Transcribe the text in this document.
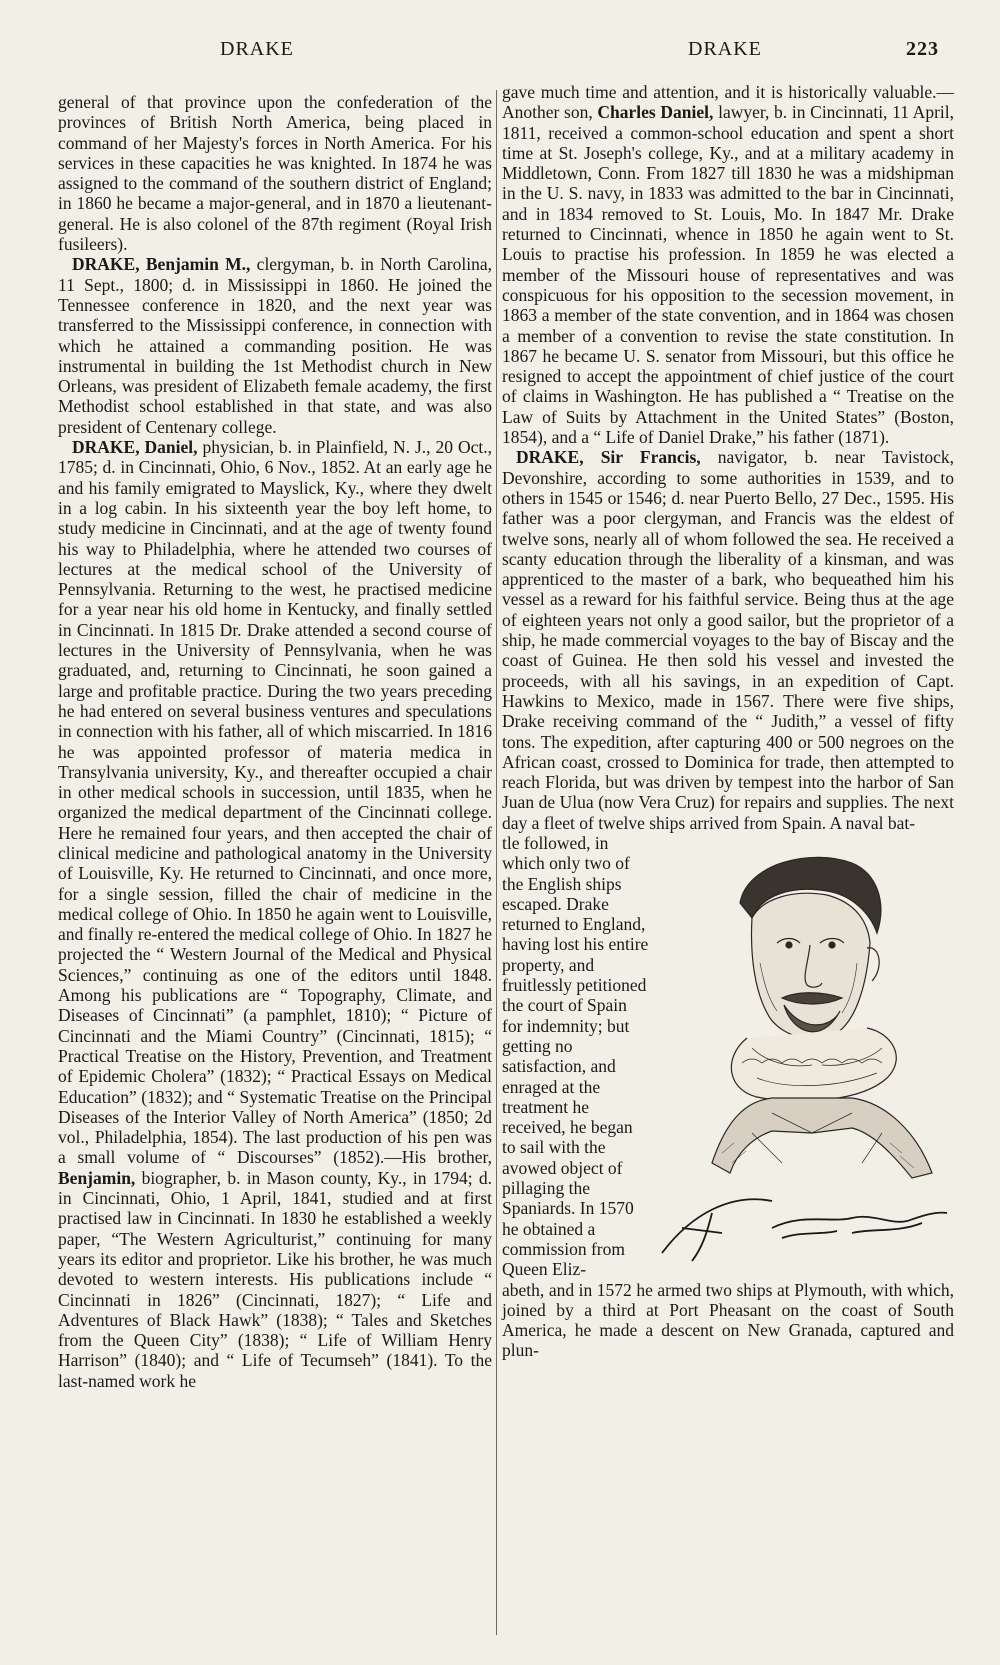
DRAKE	DRAKE	223

general of that province upon the confederation of the provinces of British North America, being placed in command of her Majesty's forces in North America. For his services in these capacities he was knighted. In 1874 he was assigned to the command of the southern district of England; in 1860 he became a major-general, and in 1870 a lieutenant-general. He is also colonel of the 87th regiment (Royal Irish fusileers).

DRAKE, Benjamin M., clergyman, b. in North Carolina, 11 Sept., 1800; d. in Mississippi in 1860. He joined the Tennessee conference in 1820, and the next year was transferred to the Mississippi conference, in connection with which he attained a commanding position. He was instrumental in building the 1st Methodist church in New Orleans, was president of Elizabeth female academy, the first Methodist school established in that state, and was also president of Centenary college.

DRAKE, Daniel, physician, b. in Plainfield, N. J., 20 Oct., 1785; d. in Cincinnati, Ohio, 6 Nov., 1852. At an early age he and his family emigrated to Mayslick, Ky., where they dwelt in a log cabin. In his sixteenth year the boy left home, to study medicine in Cincinnati, and at the age of twenty found his way to Philadelphia, where he attended two courses of lectures at the medical school of the University of Pennsylvania. Returning to the west, he practised medicine for a year near his old home in Kentucky, and finally settled in Cincinnati. In 1815 Dr. Drake attended a second course of lectures in the University of Pennsylvania, when he was graduated, and, returning to Cincinnati, he soon gained a large and profitable practice. During the two years preceding he had entered on several business ventures and speculations in connection with his father, all of which miscarried. In 1816 he was appointed professor of materia medica in Transylvania university, Ky., and thereafter occupied a chair in other medical schools in succession, until 1835, when he organized the medical department of the Cincinnati college. Here he remained four years, and then accepted the chair of clinical medicine and pathological anatomy in the University of Louisville, Ky. He returned to Cincinnati, and once more, for a single session, filled the chair of medicine in the medical college of Ohio. In 1850 he again went to Louisville, and finally re-entered the medical college of Ohio. In 1827 he projected the “ Western Journal of the Medical and Physical Sciences,” continuing as one of the editors until 1848. Among his publications are “ Topography, Climate, and Diseases of Cincinnati” (a pamphlet, 1810); “ Picture of Cincinnati and the Miami Country” (Cincinnati, 1815); “ Practical Treatise on the History, Prevention, and Treatment of Epidemic Cholera” (1832); “ Practical Essays on Medical Education” (1832); and “ Systematic Treatise on the Principal Diseases of the Interior Valley of North America” (1850; 2d vol., Philadelphia, 1854). The last production of his pen was a small volume of “ Discourses” (1852).—His brother, Benjamin, biographer, b. in Mason county, Ky., in 1794; d. in Cincinnati, Ohio, 1 April, 1841, studied and at first practised law in Cincinnati. In 1830 he established a weekly paper, “The Western Agriculturist,” continuing for many years its editor and proprietor. Like his brother, he was much devoted to western interests. His publications include “ Cincinnati in 1826” (Cincinnati, 1827); “ Life and Adventures of Black Hawk” (1838); “ Tales and Sketches from the Queen City” (1838); “ Life of William Henry Harrison” (1840); and “ Life of Tecumseh” (1841). To the last-named work he

gave much time and attention, and it is historically valuable.—Another son, Charles Daniel, lawyer, b. in Cincinnati, 11 April, 1811, received a common-school education and spent a short time at St. Joseph's college, Ky., and at a military academy in Middletown, Conn. From 1827 till 1830 he was a midshipman in the U. S. navy, in 1833 was admitted to the bar in Cincinnati, and in 1834 removed to St. Louis, Mo. In 1847 Mr. Drake returned to Cincinnati, whence in 1850 he again went to St. Louis to practise his profession. In 1859 he was elected a member of the Missouri house of representatives and was conspicuous for his opposition to the secession movement, in 1863 a member of the state convention, and in 1864 was chosen a member of a convention to revise the state constitution. In 1867 he became U. S. senator from Missouri, but this office he resigned to accept the appointment of chief justice of the court of claims in Washington. He has published a “ Treatise on the Law of Suits by Attachment in the United States” (Boston, 1854), and a “ Life of Daniel Drake,” his father (1871).

DRAKE, Sir Francis, navigator, b. near Tavistock, Devonshire, according to some authorities in 1539, and to others in 1545 or 1546; d. near Puerto Bello, 27 Dec., 1595. His father was a poor clergyman, and Francis was the eldest of twelve sons, nearly all of whom followed the sea. He received a scanty education through the liberality of a kinsman, and was apprenticed to the master of a bark, who bequeathed him his vessel as a reward for his faithful service. Being thus at the age of eighteen years not only a good sailor, but the proprietor of a ship, he made commercial voyages to the bay of Biscay and the coast of Guinea. He then sold his vessel and invested the proceeds, with all his savings, in an expedition of Capt. Hawkins to Mexico, made in 1567. There were five ships, Drake receiving command of the “ Judith,” a vessel of fifty tons. The expedition, after capturing 400 or 500 negroes on the African coast, crossed to Dominica for trade, then attempted to reach Florida, but was driven by tempest into the harbor of San Juan de Ulua (now Vera Cruz) for repairs and supplies. The next day a fleet of twelve ships arrived from Spain. A naval bat-

tle followed, in which only two of the English ships escaped. Drake returned to England, having lost his entire property, and fruitlessly petitioned the court of Spain for indemnity; but getting no satisfaction, and enraged at the treatment he received, he began to sail with the avowed object of pillaging the Spaniards. In 1570 he obtained a commission from Queen Eliz-

abeth, and in 1572 he armed two ships at Plymouth, with which, joined by a third at Port Pheasant on the coast of South America, he made a descent on New Granada, captured and plun-
